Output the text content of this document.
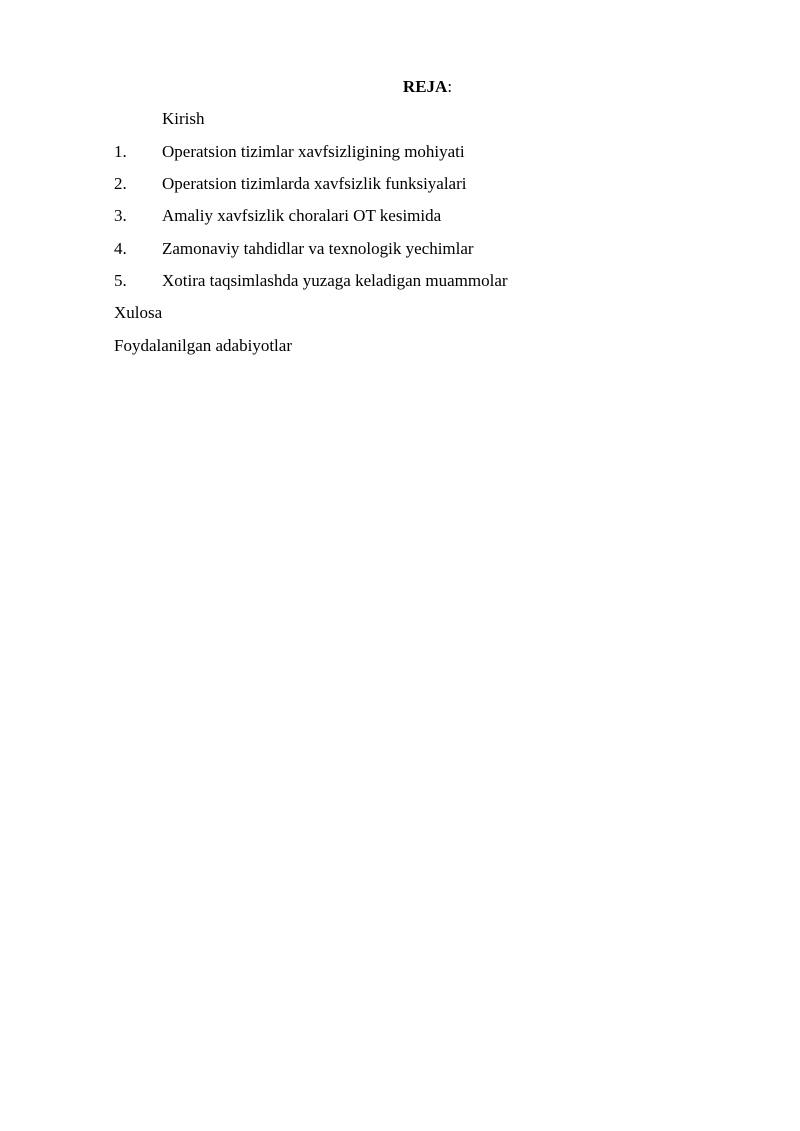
REJA:
Kirish
1. Operatsion tizimlar xavfsizligining mohiyati
2. Operatsion tizimlarda xavfsizlik funksiyalari
3. Amaliy xavfsizlik choralari OT kesimida
4. Zamonaviy tahdidlar va texnologik yechimlar
5. Xotira taqsimlashda yuzaga keladigan muammolar
Xulosa
Foydalanilgan adabiyotlar
